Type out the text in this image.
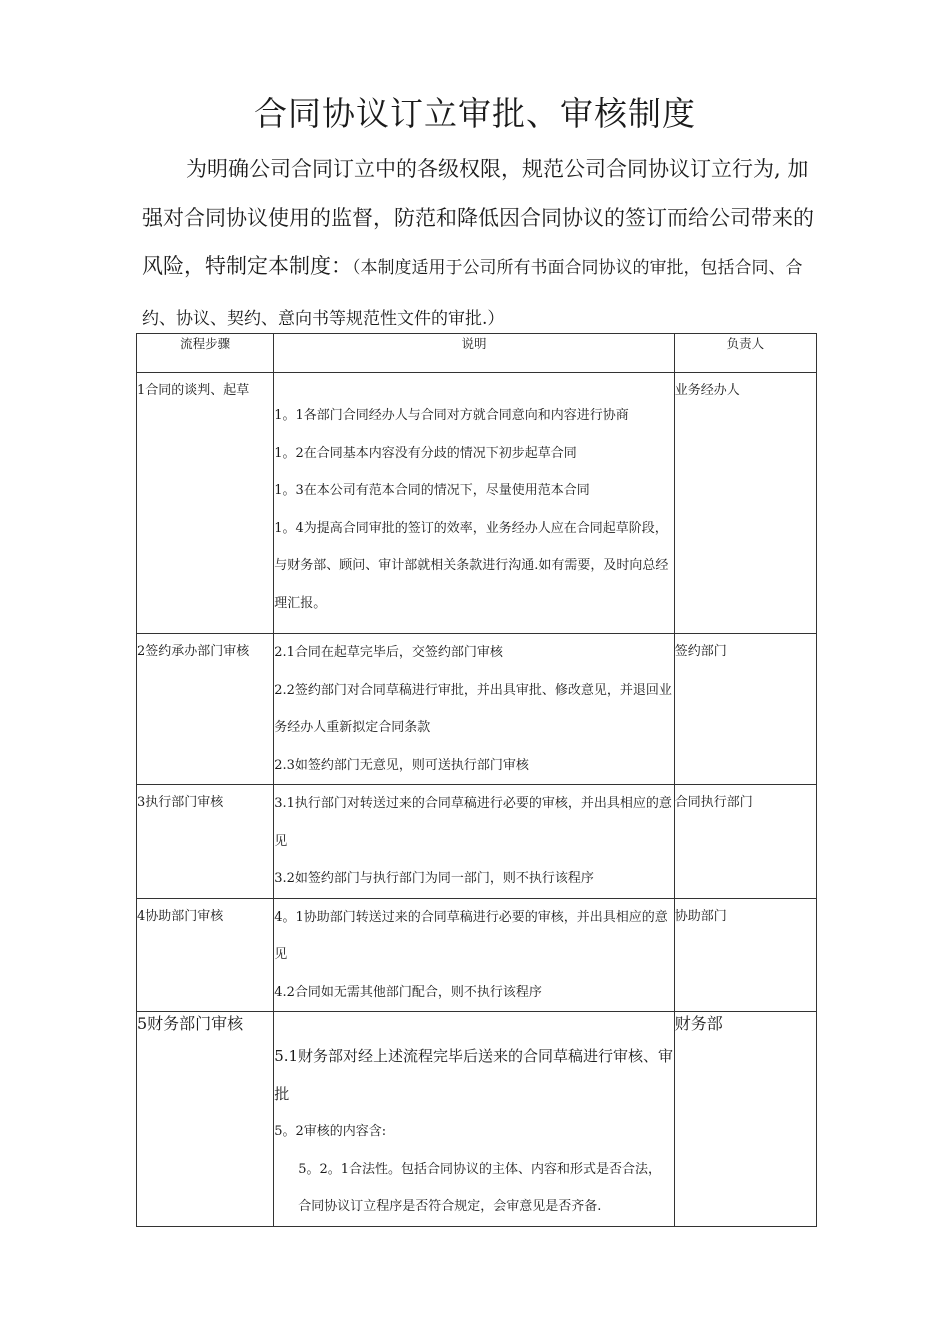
合同协议订立审批、审核制度

为明确公司合同订立中的各级权限，规范公司合同协议订立行为, 加强对合同协议使用的监督，防范和降低因合同协议的签订而给公司带来的风险，特制定本制度：（本制度适用于公司所有书面合同协议的审批，包括合同、合约、协议、契约、意向书等规范性文件的审批.）

流程步骤	说明	负责人
1合同的谈判、起草	1。1各部门合同经办人与合同对方就合同意向和内容进行协商

1。2在合同基本内容没有分歧的情况下初步起草合同

1。3在本公司有范本合同的情况下，尽量使用范本合同

1。4为提高合同审批的签订的效率，业务经办人应在合同起草阶段，与财务部、顾问、审计部就相关条款进行沟通.如有需要，及时向总经理汇报。	业务经办人
2签约承办部门审核	2.1合同在起草完毕后，交签约部门审核

2.2签约部门对合同草稿进行审批，并出具审批、修改意见，并退回业务经办人重新拟定合同条款

2.3如签约部门无意见，则可送执行部门审核	签约部门
3执行部门审核	3.1执行部门对转送过来的合同草稿进行必要的审核，并出具相应的意见

3.2如签约部门与执行部门为同一部门，则不执行该程序	合同执行部门
4协助部门审核	4。1协助部门转送过来的合同草稿进行必要的审核，并出具相应的意见

4.2合同如无需其他部门配合，则不执行该程序	协助部门
5财务部门审核	5.1财务部对经上述流程完毕后送来的合同草稿进行审核、审批

5。2审核的内容含:

5。2。1合法性。包括合同协议的主体、内容和形式是否合法，合同协议订立程序是否符合规定，会审意见是否齐备.	财务部
